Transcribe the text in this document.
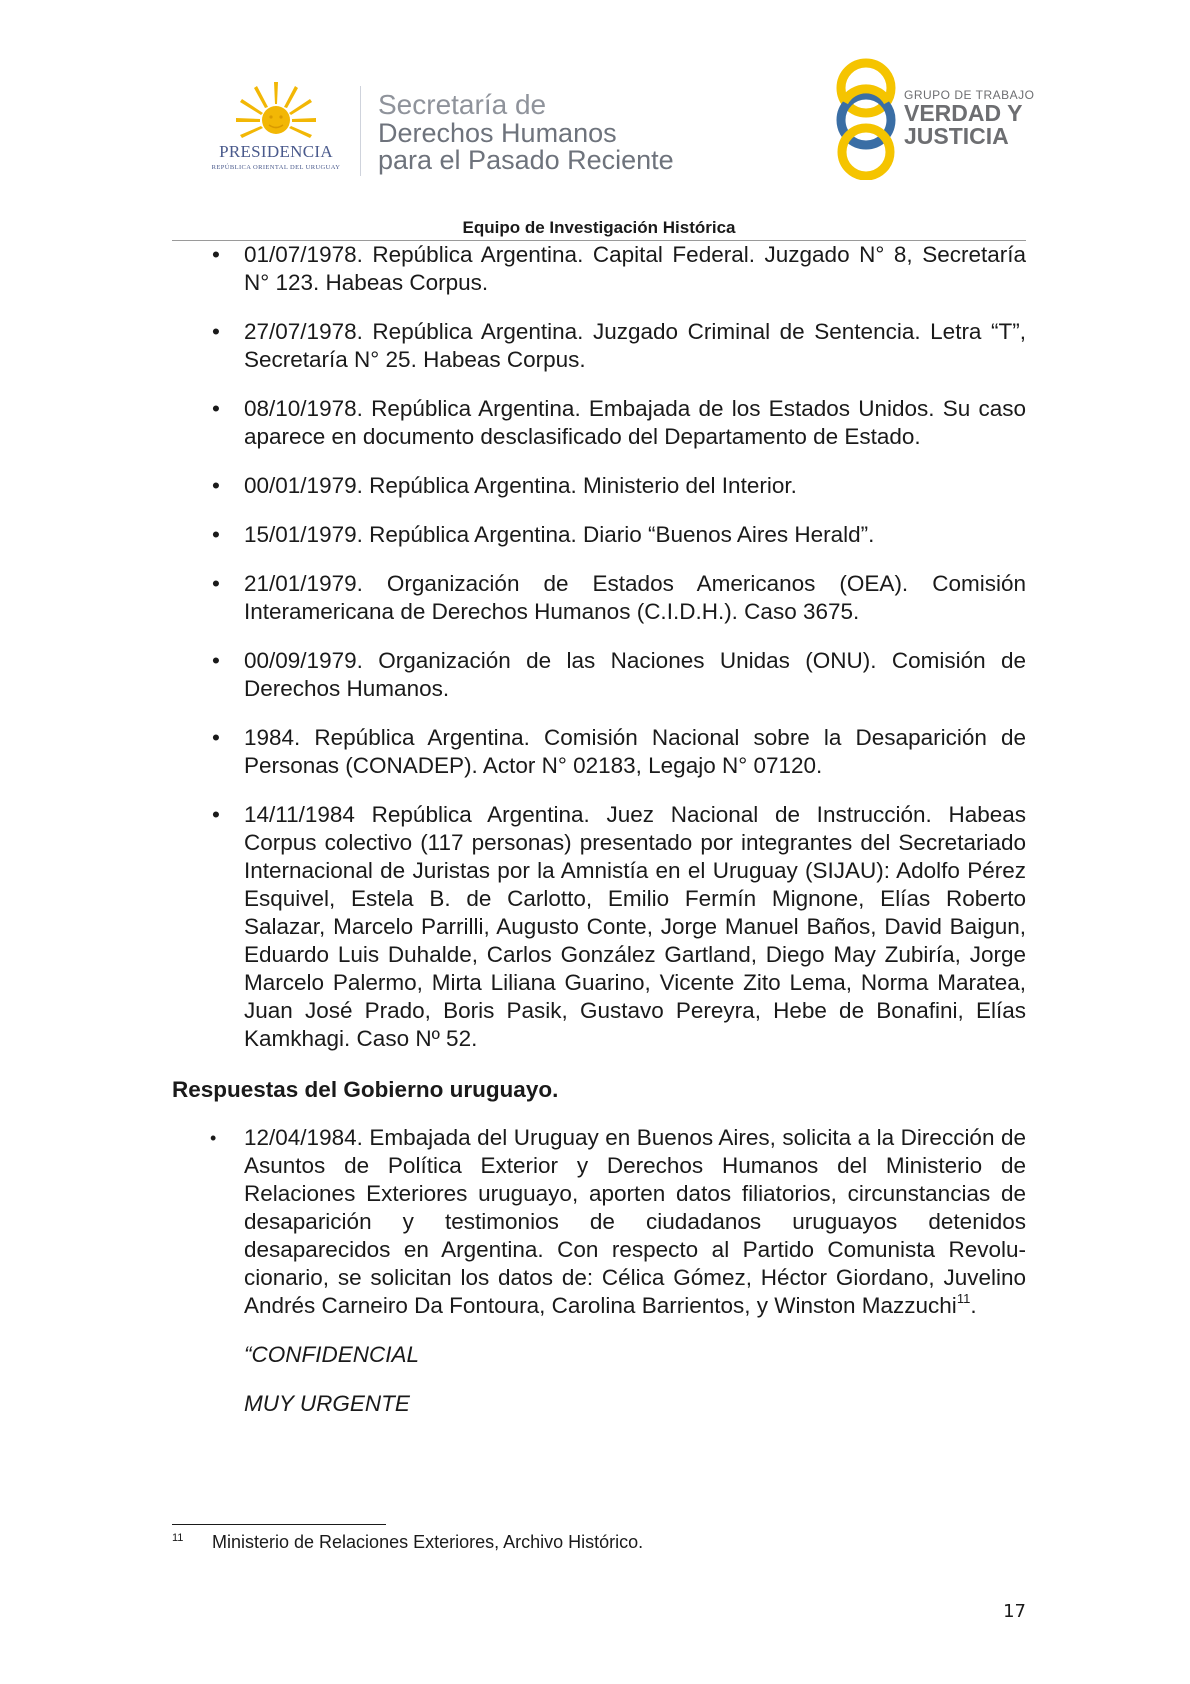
PRESIDENCIA
REPÚBLICA ORIENTAL DEL URUGUAY
Secretaría de
Derechos Humanos
para el Pasado Reciente
GRUPO DE TRABAJO
VERDAD Y
JUSTICIA
Equipo de Investigación Histórica
• 01/07/1978. República Argentina. Capital Federal. Juzgado N° 8, Secretaría N° 123. Habeas Corpus.
• 27/07/1978. República Argentina. Juzgado Criminal de Sentencia. Letra “T”, Secretaría N° 25. Habeas Corpus.
• 08/10/1978. República Argentina. Embajada de los Estados Unidos. Su caso aparece en documento desclasificado del Departamento de Estado.
• 00/01/1979. República Argentina. Ministerio del Interior.
• 15/01/1979. República Argentina. Diario “Buenos Aires Herald”.
• 21/01/1979. Organización de Estados Americanos (OEA). Comisión Interamericana de Derechos Humanos (C.I.D.H.). Caso 3675.
• 00/09/1979. Organización de las Naciones Unidas (ONU). Comisión de Derechos Humanos.
• 1984. República Argentina. Comisión Nacional sobre la Desaparición de Personas (CONADEP). Actor N° 02183, Legajo N° 07120.
• 14/11/1984 República Argentina. Juez Nacional de Instrucción. Habeas Corpus colectivo (117 personas) presentado por integrantes del Secretariado Internacional de Juristas por la Amnistía en el Uruguay (SIJAU): Adolfo Pérez Esquivel, Estela B. de Carlotto, Emilio Fermín Mignone, Elías Roberto Salazar, Marcelo Parrilli, Augusto Conte, Jorge Manuel Baños, David Baigun, Eduardo Luis Duhalde, Carlos González Gartland, Diego May Zubiría, Jorge Marcelo Palermo, Mirta Liliana Guarino, Vicente Zito Lema, Norma Maratea, Juan José Prado, Boris Pasik, Gustavo Pereyra, Hebe de Bonafini, Elías Kamkhagi. Caso Nº 52.
Respuestas del Gobierno uruguayo.
• 12/04/1984. Embajada del Uruguay en Buenos Aires, solicita a la Dirección de Asuntos de Política Exterior y Derechos Humanos del Ministerio de Relaciones Exteriores uruguayo, aporten datos filiatorios, circunstancias de desaparición y testimonios de ciudadanos uruguayos detenidos desaparecidos en Argentina. Con respecto al Partido Comunista Revolucionario, se solicitan los datos de: Célica Gómez, Héctor Giordano, Juvelino Andrés Carneiro Da Fontoura, Carolina Barrientos, y Winston Mazzuchi$^{11}$.
“CONFIDENCIAL
MUY URGENTE
11 Ministerio de Relaciones Exteriores, Archivo Histórico.
17
